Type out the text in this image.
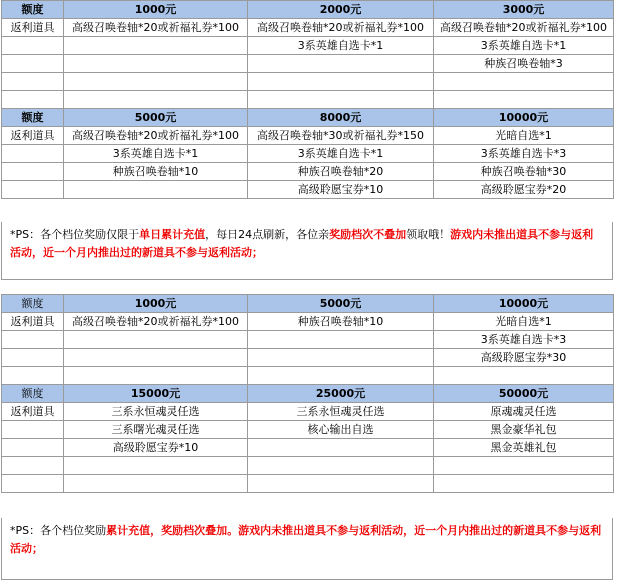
额度	1000元	2000元	3000元
返利道具	高级召唤卷轴*20或祈福礼券*100	高级召唤卷轴*20或祈福礼券*100	高级召唤卷轴*20或祈福礼券*100
		3系英雄自选卡*1	3系英雄自选卡*1
			种族召唤卷轴*3

额度	5000元	8000元	10000元
返利道具	高级召唤卷轴*20或祈福礼券*100	高级召唤卷轴*30或祈福礼券*150	光暗自选*1
	3系英雄自选卡*1	3系英雄自选卡*1	3系英雄自选卡*3
	种族召唤卷轴*10	种族召唤卷轴*20	种族召唤卷轴*30
		高级聆愿宝券*10	高级聆愿宝券*20
*PS：各个档位奖励仅限于单日累计充值，每日24点刷新，各位亲奖励档次不叠加领取哦！游戏内未推出道具不参与返利活动，近一个月内推出过的新道具不参与返利活动；
额度	1000元	5000元	10000元
返利道具	高级召唤卷轴*20或祈福礼券*100	种族召唤卷轴*10	光暗自选*1
			3系英雄自选卡*3
			高级聆愿宝券*30

额度	15000元	25000元	50000元
返利道具	三系永恒魂灵任选	三系永恒魂灵任选	原魂魂灵任选
	三系曙光魂灵任选	核心输出自选	黑金豪华礼包
	高级聆愿宝券*10		黑金英雄礼包

*PS：各个档位奖励累计充值，奖励档次叠加。游戏内未推出道具不参与返利活动，近一个月内推出过的新道具不参与返利活动；
